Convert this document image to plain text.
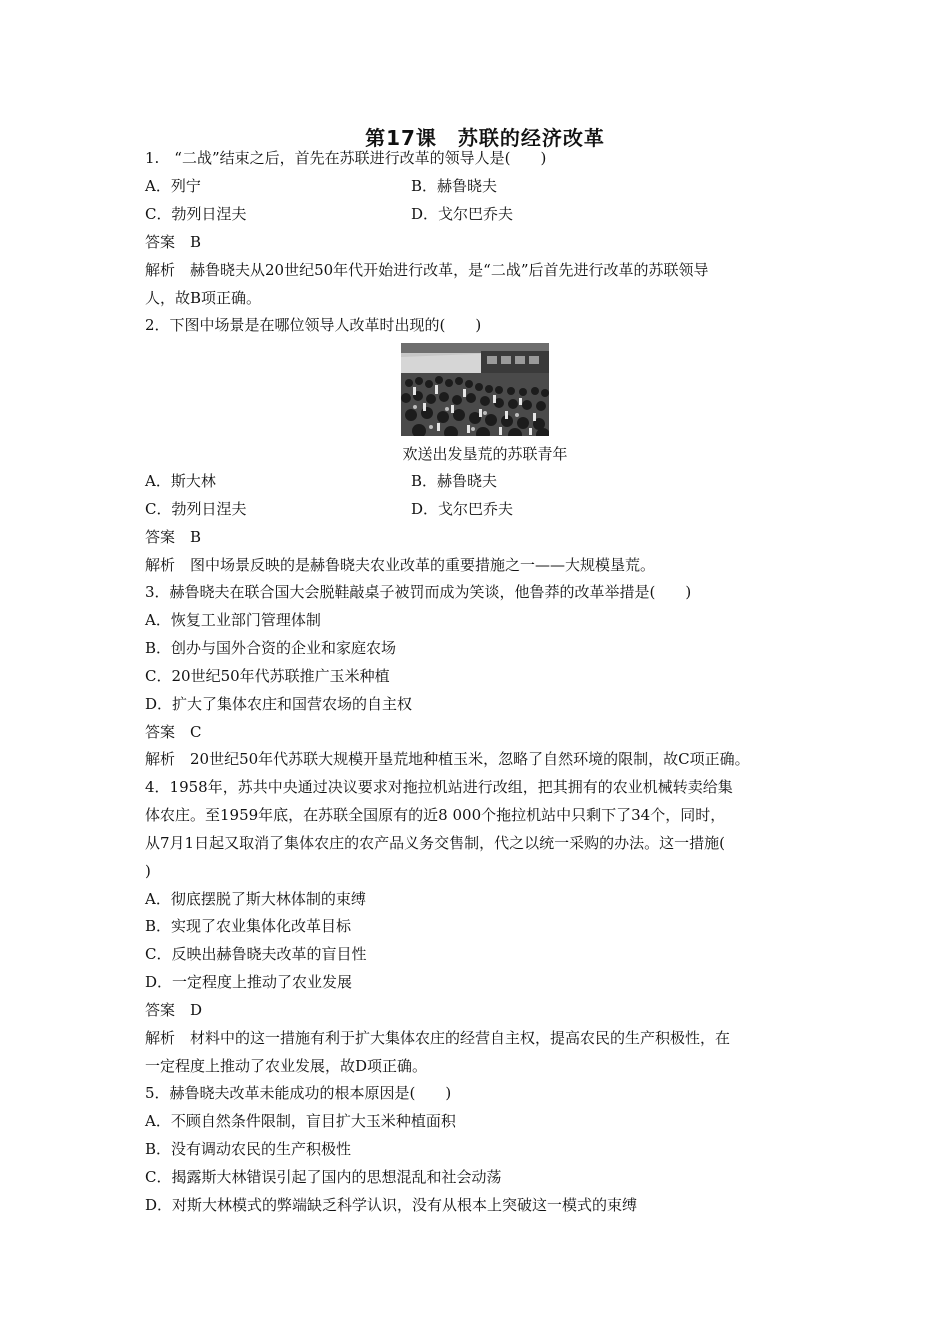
第17课　苏联的经济改革
1.　“二战”结束之后，首先在苏联进行改革的领导人是(　　)
A．列宁	B．赫鲁晓夫
C．勃列日涅夫	D．戈尔巴乔夫
答案　B
解析　赫鲁晓夫从20世纪50年代开始进行改革，是“二战”后首先进行改革的苏联领导
人，故B项正确。
2．下图中场景是在哪位领导人改革时出现的(　　)
欢送出发垦荒的苏联青年
A．斯大林	B．赫鲁晓夫
C．勃列日涅夫	D．戈尔巴乔夫
答案　B
解析　图中场景反映的是赫鲁晓夫农业改革的重要措施之一——大规模垦荒。
3．赫鲁晓夫在联合国大会脱鞋敲桌子被罚而成为笑谈，他鲁莽的改革举措是(　　)
A．恢复工业部门管理体制
B．创办与国外合资的企业和家庭农场
C．20世纪50年代苏联推广玉米种植
D．扩大了集体农庄和国营农场的自主权
答案　C
解析　20世纪50年代苏联大规模开垦荒地种植玉米，忽略了自然环境的限制，故C项正确。
4．1958年，苏共中央通过决议要求对拖拉机站进行改组，把其拥有的农业机械转卖给集
体农庄。至1959年底，在苏联全国原有的近8 000个拖拉机站中只剩下了34个，同时，
从7月1日起又取消了集体农庄的农产品义务交售制，代之以统一采购的办法。这一措施(
)
A．彻底摆脱了斯大林体制的束缚
B．实现了农业集体化改革目标
C．反映出赫鲁晓夫改革的盲目性
D．一定程度上推动了农业发展
答案　D
解析　材料中的这一措施有利于扩大集体农庄的经营自主权，提高农民的生产积极性，在
一定程度上推动了农业发展，故D项正确。
5．赫鲁晓夫改革未能成功的根本原因是(　　)
A．不顾自然条件限制，盲目扩大玉米种植面积
B．没有调动农民的生产积极性
C．揭露斯大林错误引起了国内的思想混乱和社会动荡
D．对斯大林模式的弊端缺乏科学认识，没有从根本上突破这一模式的束缚
